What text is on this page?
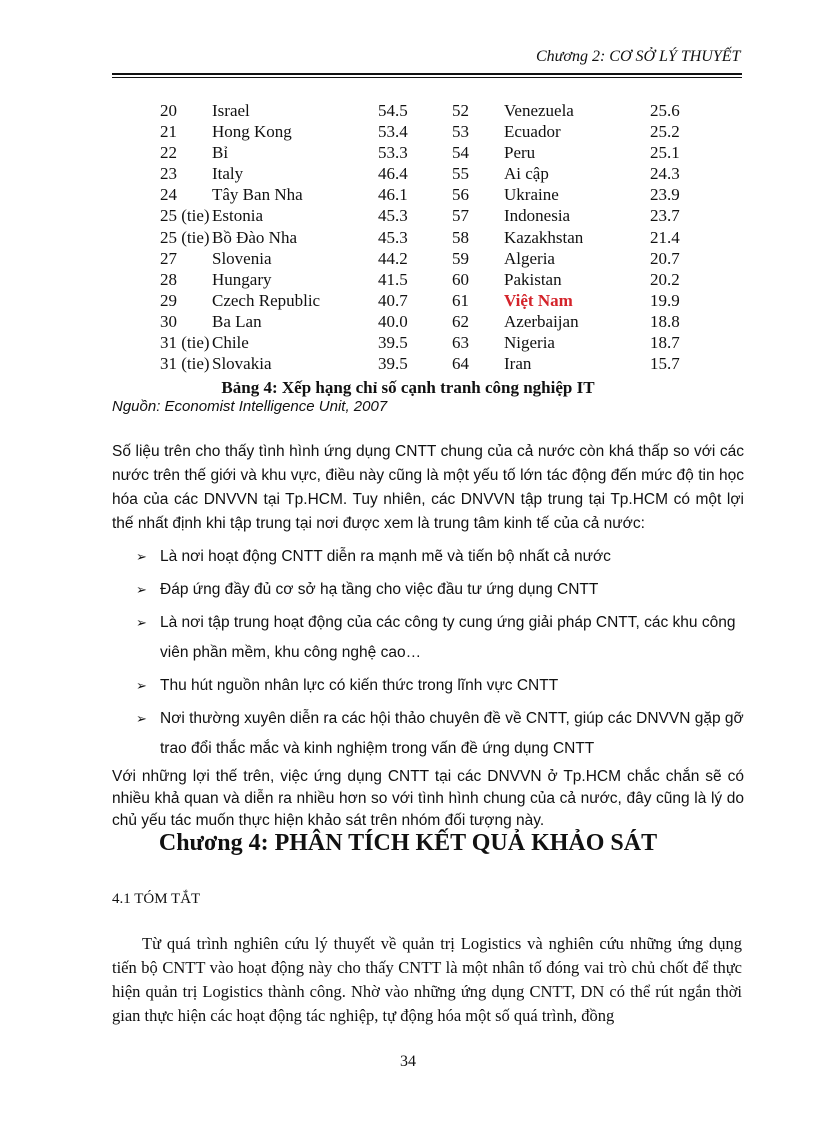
Chương 2: CƠ SỞ LÝ THUYẾT
20	Israel	54.5	52	Venezuela	25.6
21	Hong Kong	53.4	53	Ecuador	25.2
22	Bỉ	53.3	54	Peru	25.1
23	Italy	46.4	55	Ai cập	24.3
24	Tây Ban Nha	46.1	56	Ukraine	23.9
25 (tie)	Estonia	45.3	57	Indonesia	23.7
25 (tie)	Bồ Đào Nha	45.3	58	Kazakhstan	21.4
27	Slovenia	44.2	59	Algeria	20.7
28	Hungary	41.5	60	Pakistan	20.2
29	Czech Republic	40.7	61	Việt Nam	19.9
30	Ba Lan	40.0	62	Azerbaijan	18.8
31 (tie)	Chile	39.5	63	Nigeria	18.7
31 (tie)	Slovakia	39.5	64	Iran	15.7
Bảng 4: Xếp hạng chỉ số cạnh tranh công nghiệp IT
Nguồn: Economist Intelligence Unit, 2007
Số liệu trên cho thấy tình hình ứng dụng CNTT chung của cả nước còn khá thấp so với các nước trên thế giới và khu vực, điều này cũng là một yếu tố lớn tác động đến mức độ tin học hóa của các DNVVN tại Tp.HCM. Tuy nhiên, các DNVVN tập trung tại Tp.HCM có một lợi thế nhất định khi tập trung tại nơi được xem là trung tâm kinh tế của cả nước:
➢ Là nơi hoạt động CNTT diễn ra mạnh mẽ và tiến bộ nhất cả nước
➢ Đáp ứng đầy đủ cơ sở hạ tầng cho việc đầu tư ứng dụng CNTT
➢ Là nơi tập trung hoạt động của các công ty cung ứng giải pháp CNTT, các khu công viên phần mềm, khu công nghệ cao…
➢ Thu hút nguồn nhân lực có kiến thức trong lĩnh vực CNTT
➢ Nơi thường xuyên diễn ra các hội thảo chuyên đề về CNTT, giúp các DNVVN gặp gỡ trao đổi thắc mắc và kinh nghiệm trong vấn đề ứng dụng CNTT
Với những lợi thế trên, việc ứng dụng CNTT tại các DNVVN ở Tp.HCM chắc chắn sẽ có nhiều khả quan và diễn ra nhiều hơn so với tình hình chung của cả nước, đây cũng là lý do chủ yếu tác muốn thực hiện khảo sát trên nhóm đối tượng này.
Chương 4: PHÂN TÍCH KẾT QUẢ KHẢO SÁT
4.1 TÓM TẮT
Từ quá trình nghiên cứu lý thuyết về quản trị Logistics và nghiên cứu những ứng dụng tiến bộ CNTT vào hoạt động này cho thấy CNTT là một nhân tố đóng vai trò chủ chốt để thực hiện quản trị Logistics thành công. Nhờ vào những ứng dụng CNTT, DN có thể rút ngắn thời gian thực hiện các hoạt động tác nghiệp, tự động hóa một số quá trình, đồng
34
